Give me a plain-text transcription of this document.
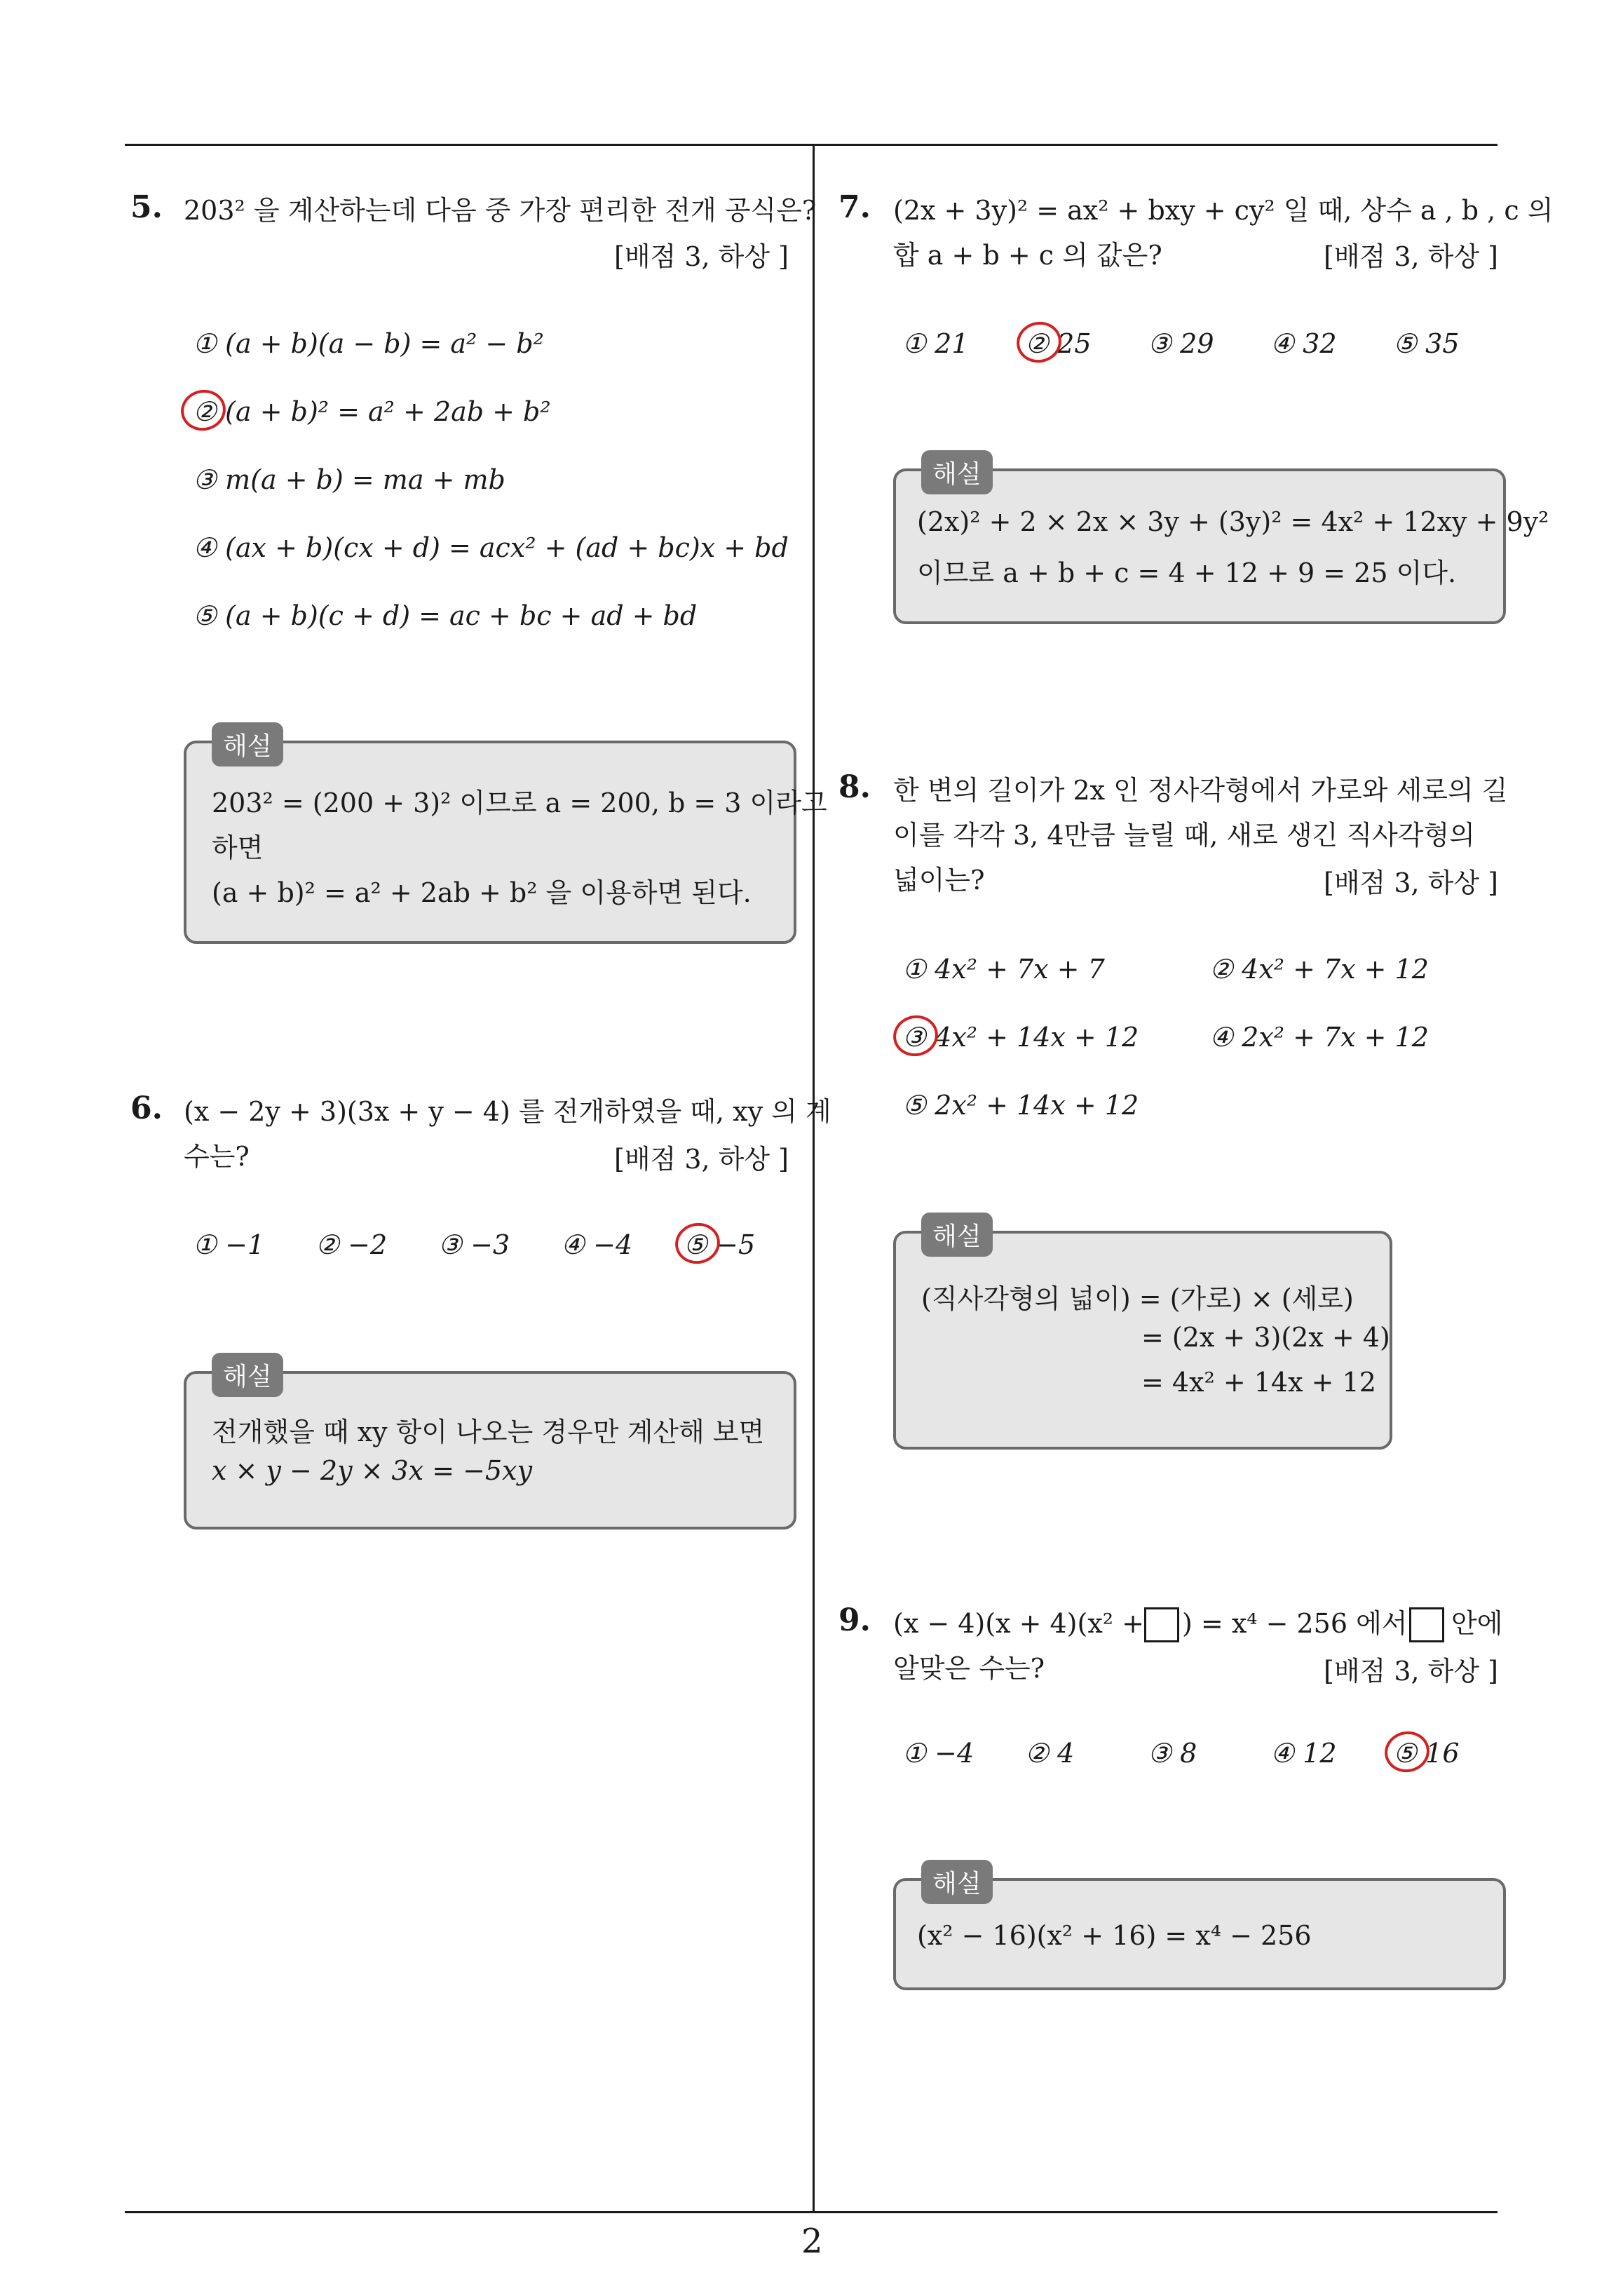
5. 203² 을 계산하는데 다음 중 가장 편리한 전개 공식은?
[배점 3, 하상 ]
① (a + b)(a − b) = a² − b²
② (a + b)² = a² + 2ab + b²
③ m(a + b) = ma + mb
④ (ax + b)(cx + d) = acx² + (ad + bc)x + bd
⑤ (a + b)(c + d) = ac + bc + ad + bd
해설
203² = (200 + 3)² 이므로 a = 200, b = 3 이라고
하면
(a + b)² = a² + 2ab + b² 을 이용하면 된다.
6. (x − 2y + 3)(3x + y − 4) 를 전개하였을 때, xy 의 계
수는?	[배점 3, 하상 ]
① −1 ② −2 ③ −3 ④ −4 ⑤ −5
해설
전개했을 때 xy 항이 나오는 경우만 계산해 보면
x × y − 2y × 3x = −5xy
7. (2x + 3y)² = ax² + bxy + cy² 일 때, 상수 a , b , c 의
합 a + b + c 의 값은?	[배점 3, 하상 ]
① 21 ② 25 ③ 29 ④ 32 ⑤ 35
해설
(2x)² + 2 × 2x × 3y + (3y)² = 4x² + 12xy + 9y²
이므로 a + b + c = 4 + 12 + 9 = 25 이다.
8. 한 변의 길이가 2x 인 정사각형에서 가로와 세로의 길
이를 각각 3, 4만큼 늘릴 때, 새로 생긴 직사각형의
넓이는?	[배점 3, 하상 ]
① 4x² + 7x + 7	② 4x² + 7x + 12
③ 4x² + 14x + 12	④ 2x² + 7x + 12
⑤ 2x² + 14x + 12
해설
(직사각형의 넓이) = (가로) × (세로)
= (2x + 3)(2x + 4)
= 4x² + 14x + 12
9. (x − 4)(x + 4)(x² + ) = x⁴ − 256 에서 안에
알맞은 수는?	[배점 3, 하상 ]
① −4 ② 4	③ 8	④ 12 ⑤ 16
해설
(x² − 16)(x² + 16) = x⁴ − 256
2
